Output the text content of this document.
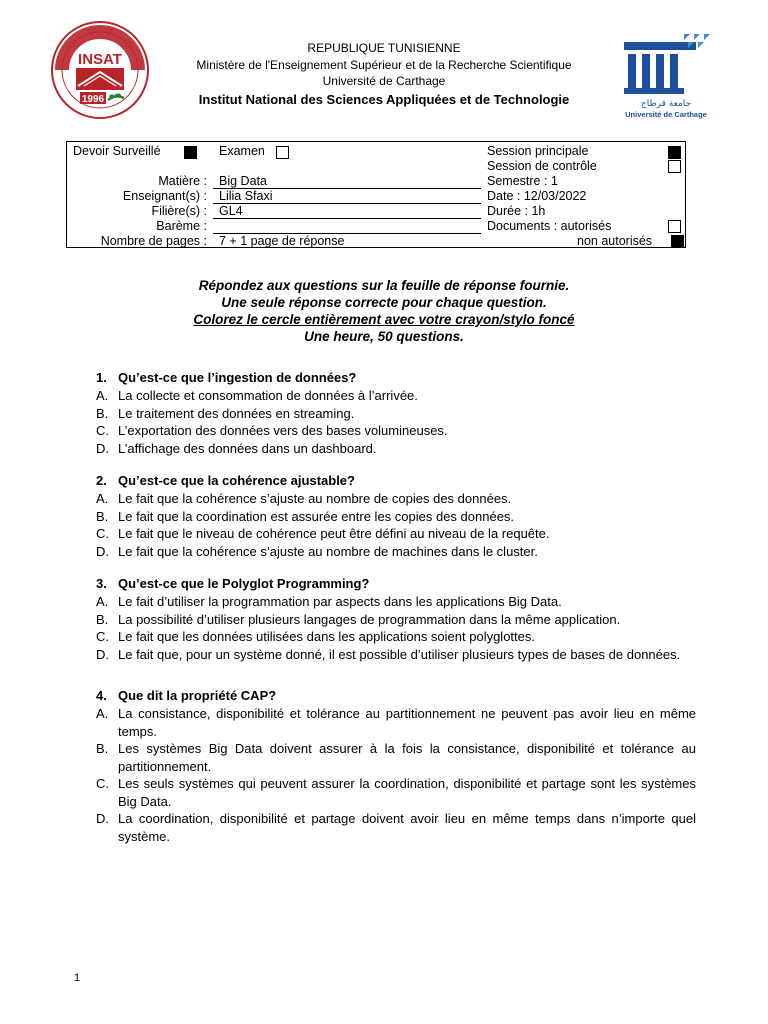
INSAT
1996
REPUBLIQUE TUNISIENNE
Ministère de l'Enseignement Supérieur et de la Recherche Scientifique
Université de Carthage
Institut National des Sciences Appliquées et de Technologie	جامعة قرطاج
Université de Carthage
Devoir Surveillé	Examen	Session principale
Session de contrôle
Matière : Big Data	Semestre : 1
Enseignant(s) : Lilia Sfaxi	Date : 12/03/2022
Filière(s) : GL4	Durée : 1h
Barème :	Documents : autorisés
Nombre de pages : 7 + 1 page de réponse	non autorisés
Répondez aux questions sur la feuille de réponse fournie.
Une seule réponse correcte pour chaque question.
Colorez le cercle entièrement avec votre crayon/stylo foncé
Une heure, 50 questions.
1. Qu’est-ce que l’ingestion de données?
A. La collecte et consommation de données à l’arrivée.
B. Le traitement des données en streaming.
C. L’exportation des données vers des bases volumineuses.
D. L’affichage des données dans un dashboard.
2. Qu’est-ce que la cohérence ajustable?
A. Le fait que la cohérence s’ajuste au nombre de copies des données.
B. Le fait que la coordination est assurée entre les copies des données.
C. Le fait que le niveau de cohérence peut être défini au niveau de la requête.
D. Le fait que la cohérence s’ajuste au nombre de machines dans le cluster.
3. Qu’est-ce que le Polyglot Programming?
A. Le fait d’utiliser la programmation par aspects dans les applications Big Data.
B. La possibilité d’utiliser plusieurs langages de programmation dans la même application.
C. Le fait que les données utilisées dans les applications soient polyglottes.
D. Le fait que, pour un système donné, il est possible d’utiliser plusieurs types de bases de données.
4. Que dit la propriété CAP?
A. La consistance, disponibilité et tolérance au partitionnement ne peuvent pas avoir lieu en même temps.
B. Les systèmes Big Data doivent assurer à la fois la consistance, disponibilité et tolérance au partitionnement.
C. Les seuls systèmes qui peuvent assurer la coordination, disponibilité et partage sont les systèmes Big Data.
D. La coordination, disponibilité et partage doivent avoir lieu en même temps dans n’importe quel système.
1
